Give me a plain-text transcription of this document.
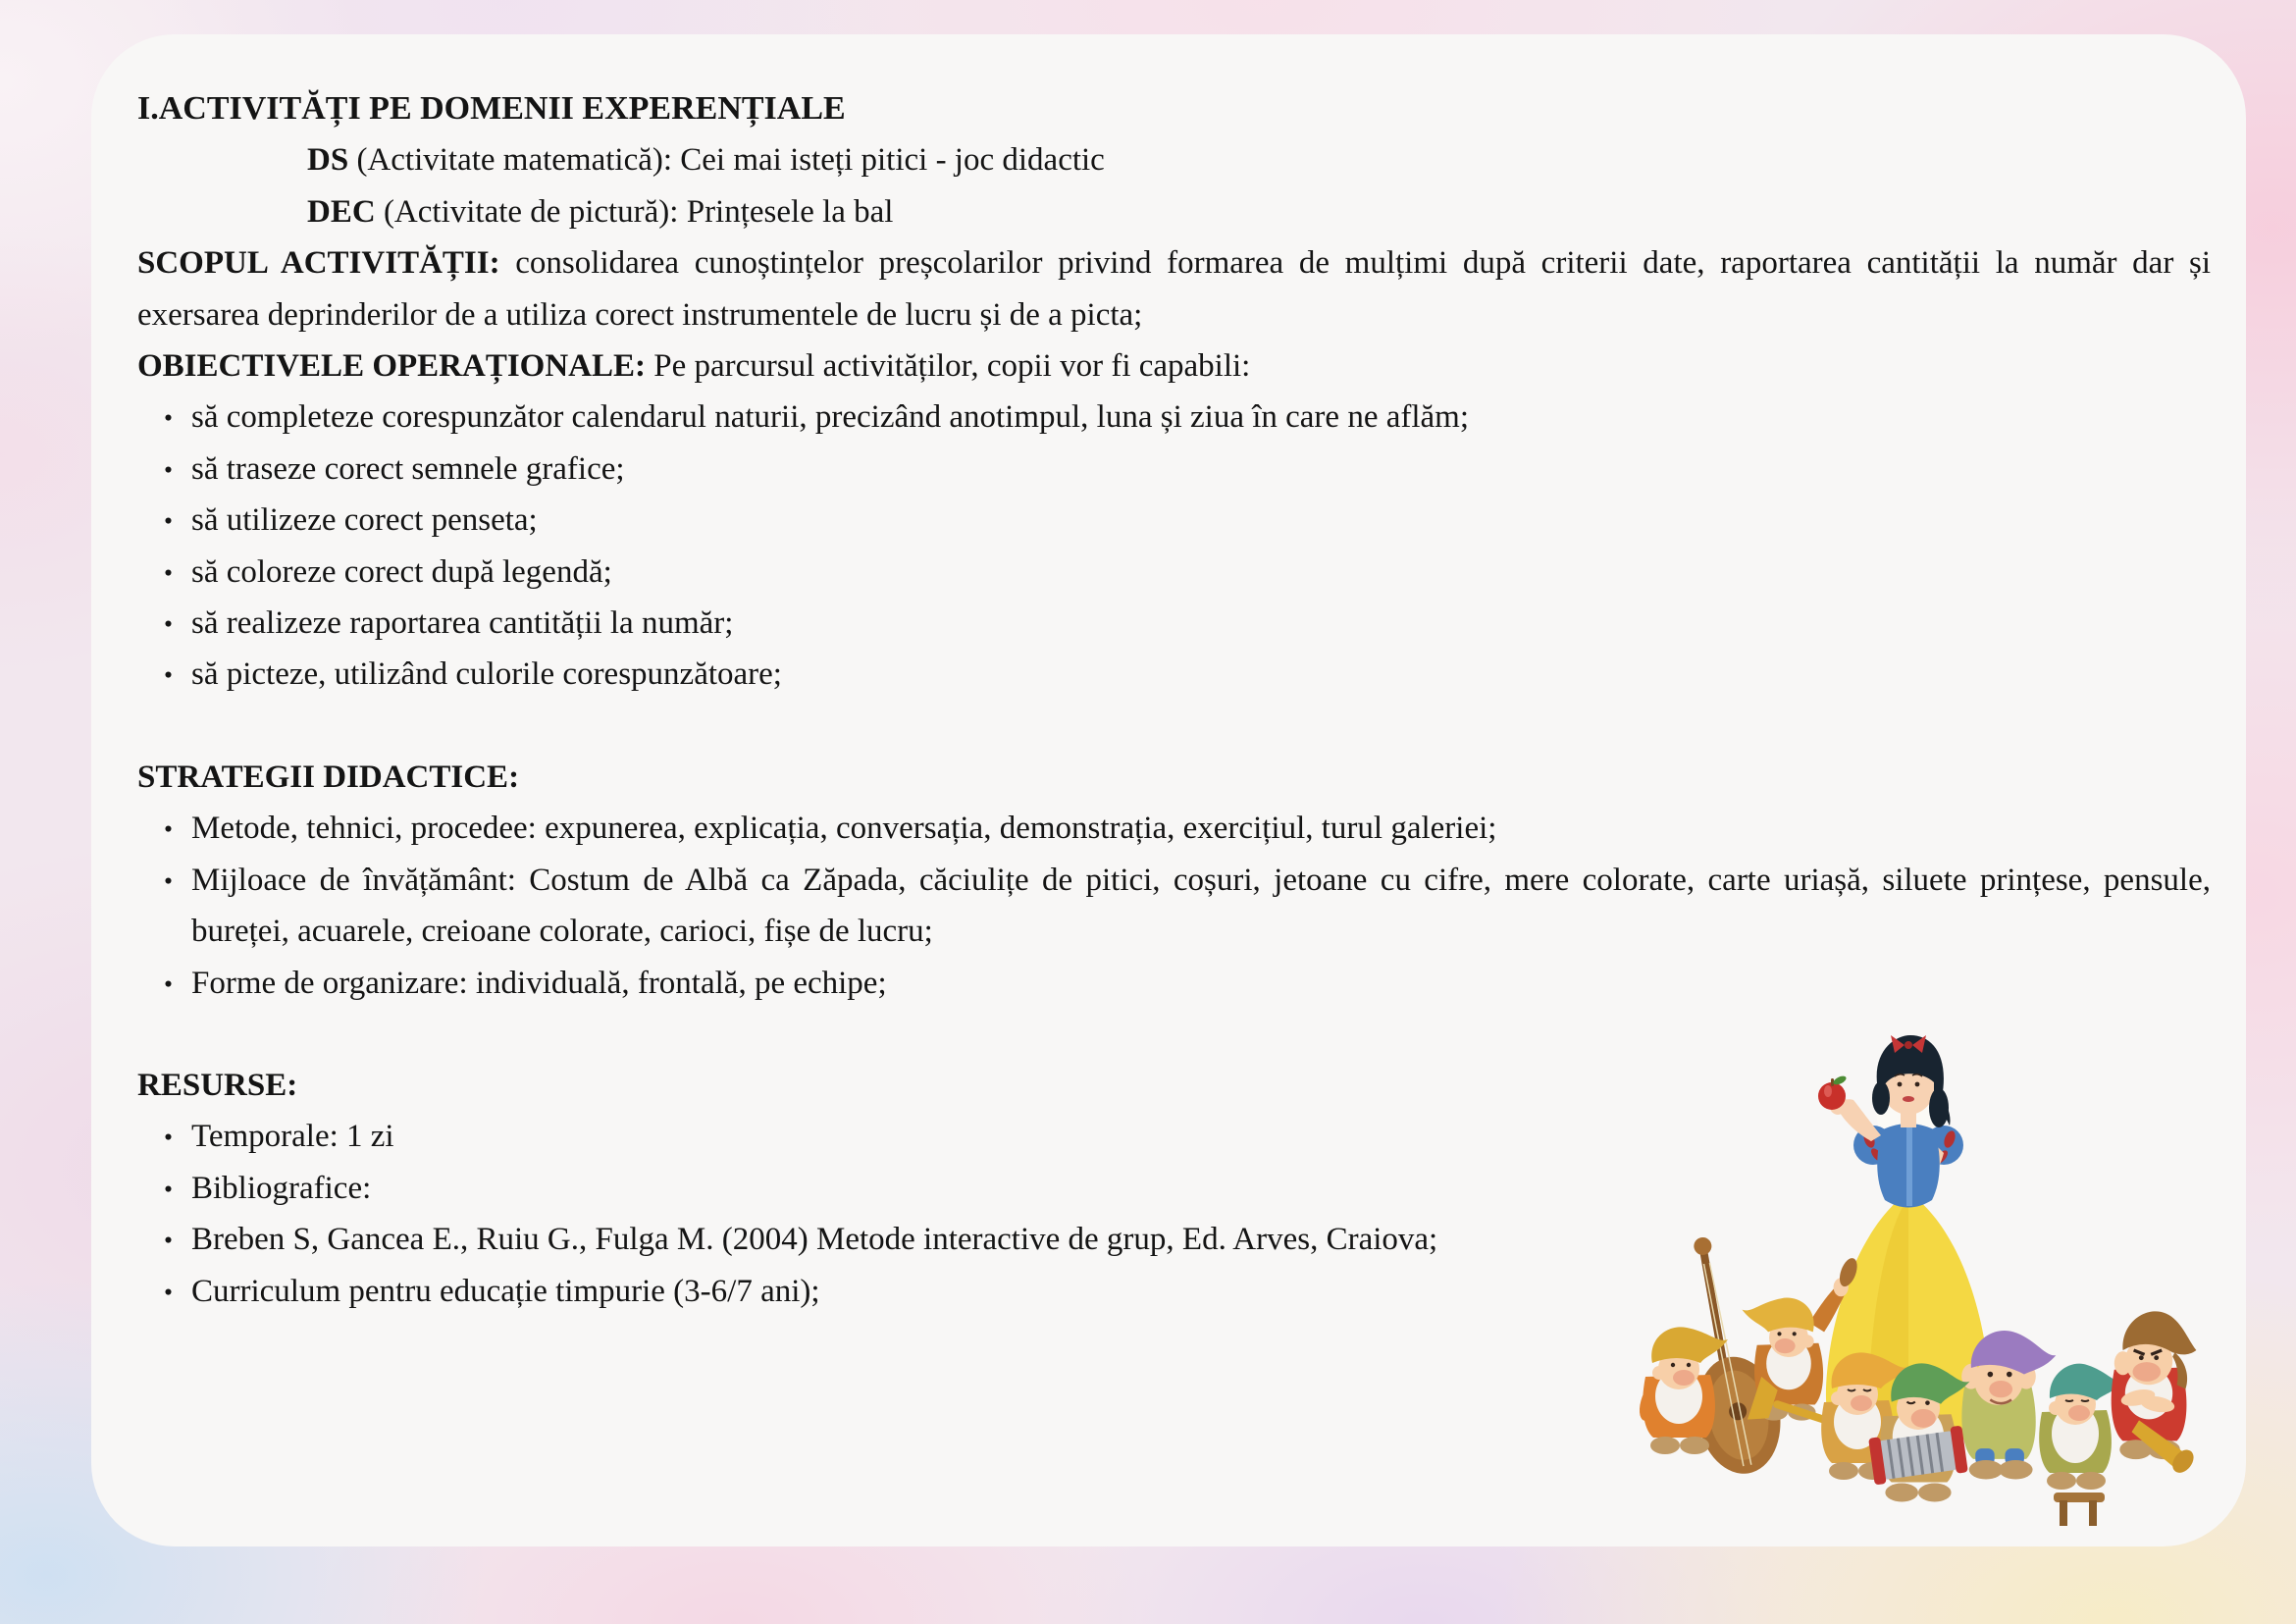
I.ACTIVITĂȚI PE DOMENII EXPERENȚIALE

DS (Activitate matematică): Cei mai isteți pitici - joc didactic

DEC (Activitate de pictură): Prințesele la bal

SCOPUL ACTIVITĂȚII: consolidarea cunoștințelor preșcolarilor privind formarea de mulțimi după criterii date, raportarea cantității la număr dar și exersarea deprinderilor de a utiliza corect instrumentele de lucru și de a picta;

OBIECTIVELE OPERAȚIONALE: Pe parcursul activităților, copii vor fi capabili:

• să completeze corespunzător calendarul naturii, precizând anotimpul, luna și ziua în care ne aflăm;
• să traseze corect semnele grafice;
• să utilizeze corect penseta;
• să coloreze corect după legendă;
• să realizeze raportarea cantității la număr;
• să picteze, utilizând culorile corespunzătoare;

STRATEGII DIDACTICE:

• Metode, tehnici, procedee: expunerea, explicația, conversația, demonstrația, exercițiul, turul galeriei;
• Mijloace de învățământ: Costum de Albă ca Zăpada, căciulițe de pitici, coșuri, jetoane cu cifre, mere colorate, carte uriașă, siluete prințese, pensule, bureței, acuarele, creioane colorate, carioci, fișe de lucru;
• Forme de organizare: individuală, frontală, pe echipe;

RESURSE:

• Temporale: 1 zi
• Bibliografice:
• Breben S, Gancea E., Ruiu G., Fulga M. (2004) Metode interactive de grup, Ed. Arves, Craiova;
• Curriculum pentru educație timpurie (3-6/7 ani);
